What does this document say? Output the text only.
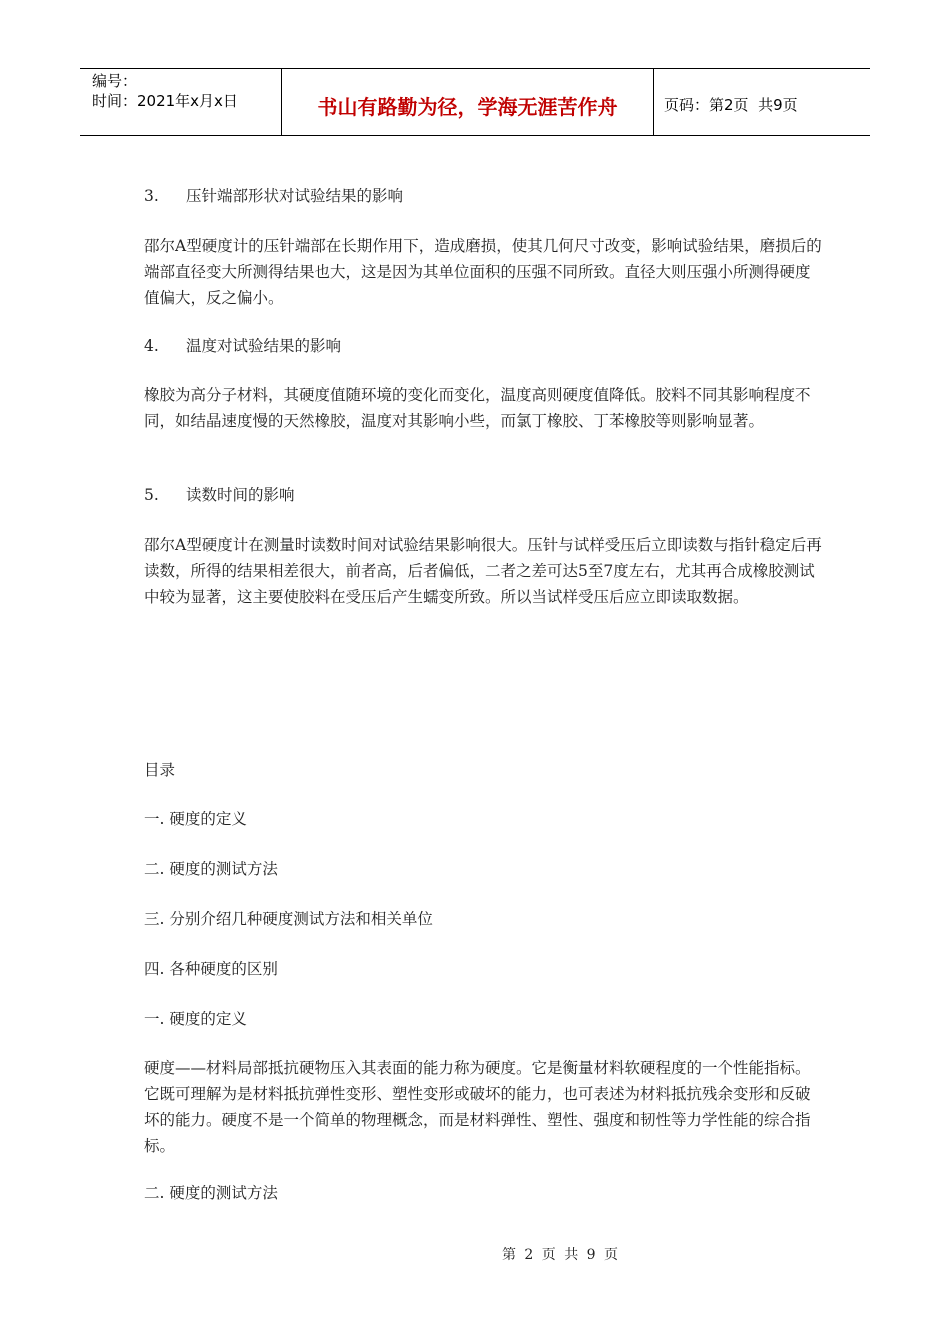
编号：
时间：2021年x月x日	书山有路勤为径，学海无涯苦作舟	页码：第2页  共9页

3. 压针端部形状对试验结果的影响

邵尔A型硬度计的压针端部在长期作用下，造成磨损，使其几何尺寸改变，影响试验结果，磨损后的端部直径变大所测得结果也大，这是因为其单位面积的压强不同所致。直径大则压强小所测得硬度值偏大，反之偏小。

4. 温度对试验结果的影响

橡胶为高分子材料，其硬度值随环境的变化而变化，温度高则硬度值降低。胶料不同其影响程度不同，如结晶速度慢的天然橡胶，温度对其影响小些，而氯丁橡胶、丁苯橡胶等则影响显著。

5. 读数时间的影响

邵尔A型硬度计在测量时读数时间对试验结果影响很大。压针与试样受压后立即读数与指针稳定后再读数，所得的结果相差很大，前者高，后者偏低，二者之差可达5至7度左右，尤其再合成橡胶测试中较为显著，这主要使胶料在受压后产生蠕变所致。所以当试样受压后应立即读取数据。

目录

一. 硬度的定义

二. 硬度的测试方法

三. 分别介绍几种硬度测试方法和相关单位

四. 各种硬度的区别

一. 硬度的定义

硬度——材料局部抵抗硬物压入其表面的能力称为硬度。它是衡量材料软硬程度的一个性能指标。它既可理解为是材料抵抗弹性变形、塑性变形或破坏的能力，也可表述为材料抵抗残余变形和反破坏的能力。硬度不是一个简单的物理概念，而是材料弹性、塑性、强度和韧性等力学性能的综合指标。

二. 硬度的测试方法

第 2 页 共 9 页
